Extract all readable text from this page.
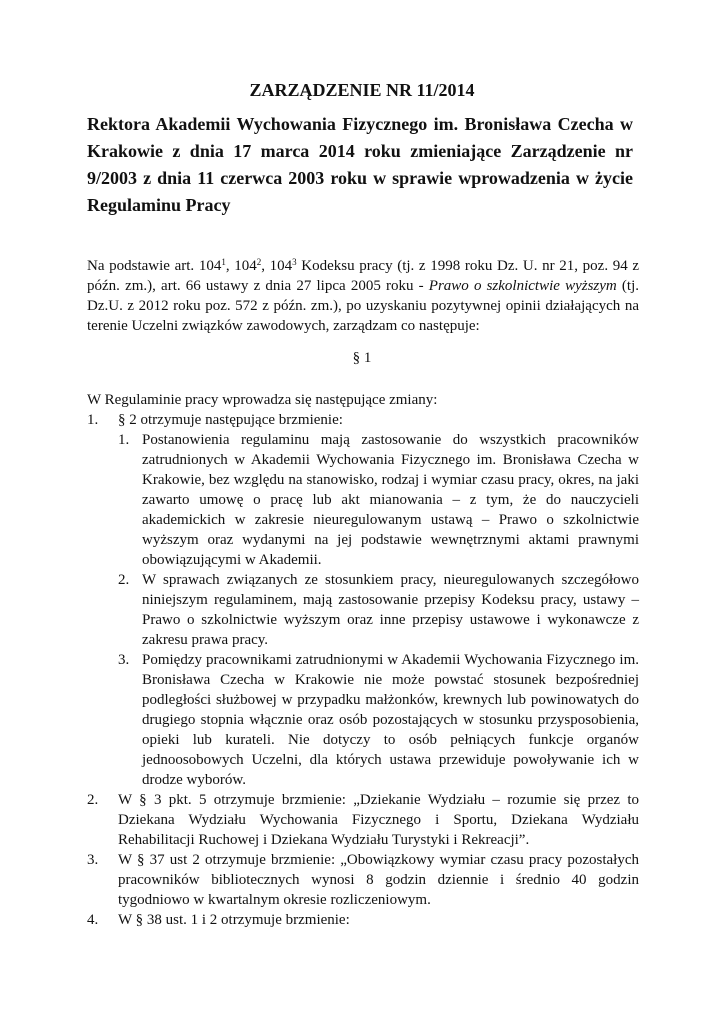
ZARZĄDZENIE NR 11/2014
Rektora Akademii Wychowania Fizycznego im. Bronisława Czecha w Krakowie z dnia 17 marca 2014 roku zmieniające Zarządzenie nr 9/2003 z dnia 11 czerwca 2003 roku w sprawie wprowadzenia w życie Regulaminu Pracy
Na podstawie art. $104^1$, $104^2$, $104^3$ Kodeksu pracy (tj. z 1998 roku Dz. U. nr 21, poz. 94 z późn. zm.), art. 66 ustawy z dnia 27 lipca 2005 roku - Prawo o szkolnictwie wyższym (tj. Dz.U. z 2012 roku poz. 572 z późn. zm.), po uzyskaniu pozytywnej opinii działających na terenie Uczelni związków zawodowych, zarządzam co następuje:
§ 1
W Regulaminie pracy wprowadza się następujące zmiany:
1.	§ 2 otrzymuje następujące brzmienie:
1. Postanowienia regulaminu mają zastosowanie do wszystkich pracowników zatrudnionych w Akademii Wychowania Fizycznego im. Bronisława Czecha w Krakowie, bez względu na stanowisko, rodzaj i wymiar czasu pracy, okres, na jaki zawarto umowę o pracę lub akt mianowania – z tym, że do nauczycieli akademickich w zakresie nieuregulowanym ustawą – Prawo o szkolnictwie wyższym oraz wydanymi na jej podstawie wewnętrznymi aktami prawnymi obowiązującymi w Akademii.
2. W sprawach związanych ze stosunkiem pracy, nieuregulowanych szczegółowo niniejszym regulaminem, mają zastosowanie przepisy Kodeksu pracy, ustawy – Prawo o szkolnictwie wyższym oraz inne przepisy ustawowe i wykonawcze z zakresu prawa pracy.
3. Pomiędzy pracownikami zatrudnionymi w Akademii Wychowania Fizycznego im. Bronisława Czecha w Krakowie nie może powstać stosunek bezpośredniej podległości służbowej w przypadku małżonków, krewnych lub powinowatych do drugiego stopnia włącznie oraz osób pozostających w stosunku przysposobienia, opieki lub kurateli. Nie dotyczy to osób pełniących funkcje organów jednoosobowych Uczelni, dla których ustawa przewiduje powoływanie ich w drodze wyborów.
2.	W § 3 pkt. 5 otrzymuje brzmienie: „Dziekanie Wydziału – rozumie się przez to Dziekana Wydziału Wychowania Fizycznego i Sportu, Dziekana Wydziału Rehabilitacji Ruchowej i Dziekana Wydziału Turystyki i Rekreacji”.
3.	W § 37 ust 2 otrzymuje brzmienie: „Obowiązkowy wymiar czasu pracy pozostałych pracowników bibliotecznych wynosi 8 godzin dziennie i średnio 40 godzin tygodniowo w kwartalnym okresie rozliczeniowym.
4.	W § 38 ust. 1 i 2 otrzymuje brzmienie:
